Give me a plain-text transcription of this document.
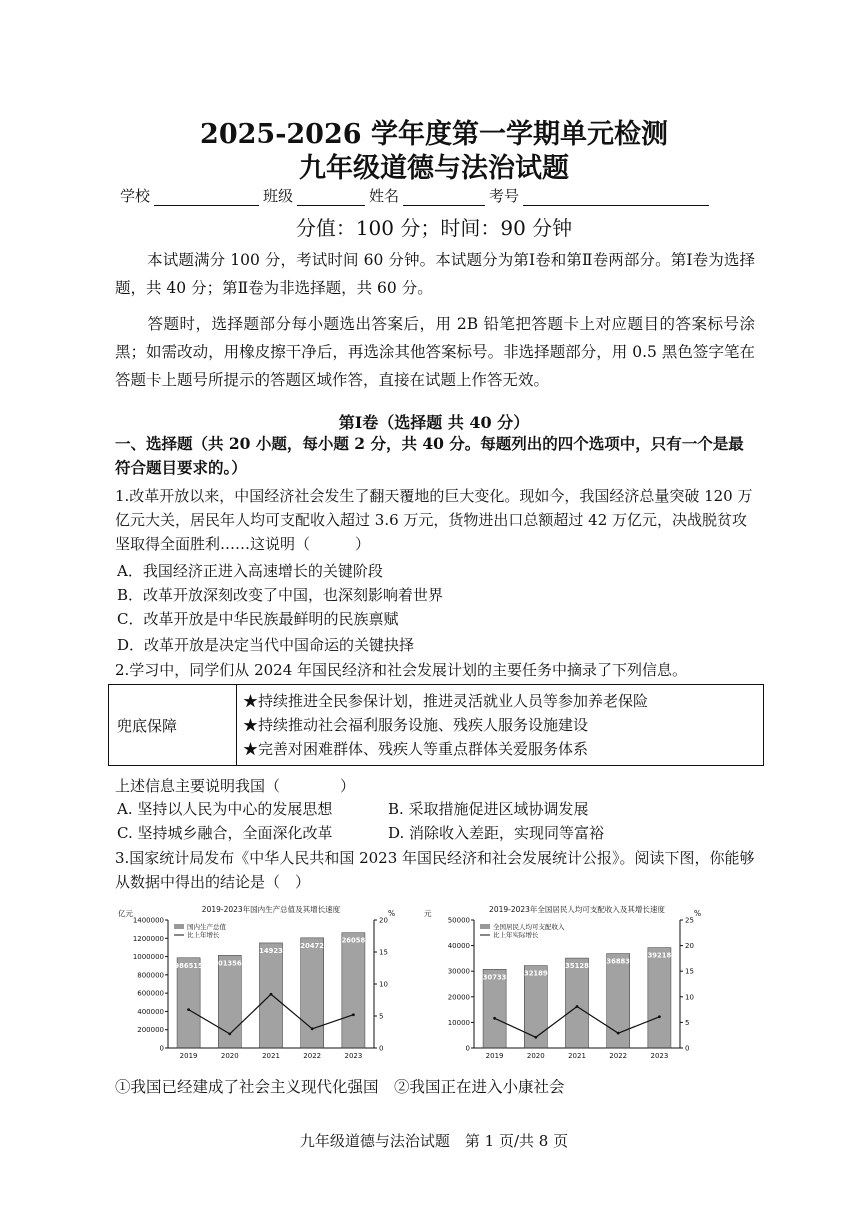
2025-2026 学年度第一学期单元检测
九年级道德与法治试题
学校	班级	姓名	考号
分值：100 分；时间：90 分钟
本试题满分 100 分，考试时间 60 分钟。本试题分为第Ⅰ卷和第Ⅱ卷两部分。第Ⅰ卷为选择题，共 40 分；第Ⅱ卷为非选择题，共 60 分。
答题时，选择题部分每小题选出答案后，用 2B 铅笔把答题卡上对应题目的答案标号涂黑；如需改动，用橡皮擦干净后，再选涂其他答案标号。非选择题部分，用 0.5 黑色签字笔在答题卡上题号所提示的答题区域作答，直接在试题上作答无效。
第Ⅰ卷（选择题 共 40 分）
一、选择题（共 20 小题，每小题 2 分，共 40 分。每题列出的四个选项中，只有一个是最符合题目要求的。）
1.改革开放以来，中国经济社会发生了翻天覆地的巨大变化。现如今，我国经济总量突破 120 万亿元大关，居民年人均可支配收入超过 3.6 万元，货物进出口总额超过 42 万亿元，决战脱贫攻坚取得全面胜利……这说明（　　　）
A．我国经济正进入高速增长的关键阶段
B．改革开放深刻改变了中国，也深刻影响着世界
C．改革开放是中华民族最鲜明的民族禀赋
D．改革开放是决定当代中国命运的关键抉择
2.学习中，同学们从 2024 年国民经济和社会发展计划的主要任务中摘录了下列信息。
兜底保障	
★持续推进全民参保计划，推进灵活就业人员等参加养老保险
★持续推动社会福利服务设施、残疾人服务设施建设
★完善对困难群体、残疾人等重点群体关爱服务体系
上述信息主要说明我国（　　　　）
A. 坚持以人民为中心的发展思想	B. 采取措施促进区域协调发展
C. 坚持城乡融合，全面深化改革	D. 消除收入差距，实现同等富裕
3.国家统计局发布《中华人民共和国 2023 年国民经济和社会发展统计公报》。阅读下图，你能够从数据中得出的结论是（　）
2019-2023年国内生产总值及其增长速度
亿元	%
0
200000
400000
600000
800000
1000000
1200000
1400000
0
5
10
15
20
986515
2019
1013567
2020
1149237
2021
1204724
2022
1260582
2023
国内生产总值
比上年增长
2019-2023年全国居民人均可支配收入及其增长速度
元	%
0
10000
20000
30000
40000
50000
0
5
10
15
20
25
30733
2019
32189
2020
35128
2021
36883
2022
39218
2023
全国居民人均可支配收入
比上年实际增长
①我国已经建成了社会主义现代化强国　②我国正在进入小康社会
九年级道德与法治试题　第 1 页/共 8 页
